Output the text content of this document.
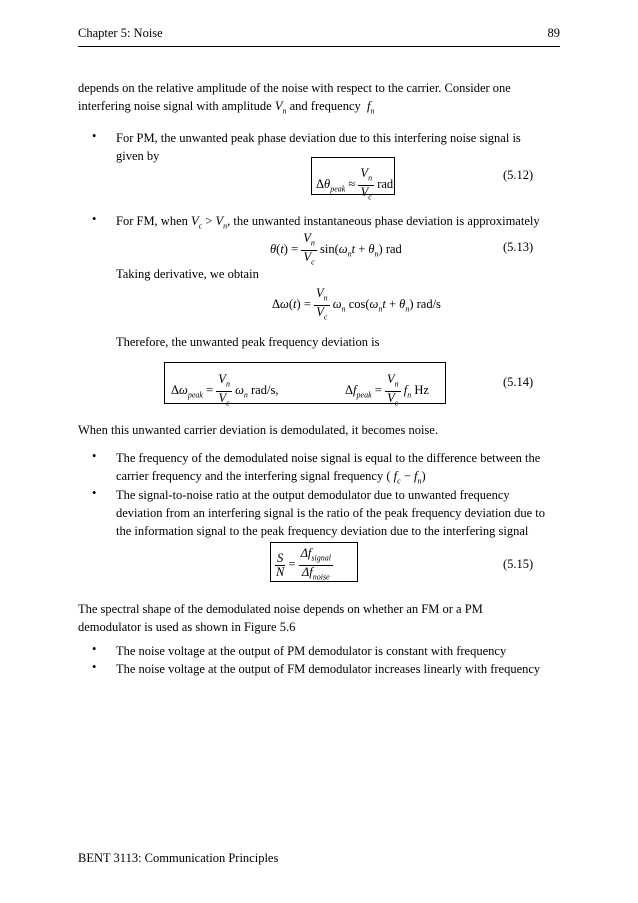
Chapter 5: Noise	89
depends on the relative amplitude of the noise with respect to the carrier. Consider one
interfering noise signal with amplitude $V_n$ and frequency $f_n$
•	For PM, the unwanted peak phase deviation due to this interfering noise signal is
given by
$\Delta\theta_{peak} \approx \frac{V_n}{V_c}$ rad
(5.12)
•	For FM, when $V_c > V_n$, the unwanted instantaneous phase deviation is approximately
$\theta(t) = \frac{V_n}{V_c} \sin(\omega_nt + \theta_n)$ rad	(5.13)
Taking derivative, we obtain
$\Delta\omega(t) = \frac{V_n}{V_c} \omega_n$ $\cos(\omega_nt + \theta_n)$ rad/s
Therefore, the unwanted peak frequency deviation is
$\Delta\omega_{peak} = \frac{V_n}{V_c} \omega_n$ rad/s,	$\Delta f_{peak} = \frac{V_n}{V_c} f_n$ Hz
(5.14)
When this unwanted carrier deviation is demodulated, it becomes noise.
•	The frequency of the demodulated noise signal is equal to the difference between the
carrier frequency and the interfering signal frequency ( $f_c - f_n$)
•	The signal-to-noise ratio at the output demodulator due to unwanted frequency
deviation from an interfering signal is the ratio of the peak frequency deviation due to
the information signal to the peak frequency deviation due to the interfering signal
$\frac{S}{N} = \frac{\Delta f_{signal}}{\Delta f_{noise}}$	(5.15)
The spectral shape of the demodulated noise depends on whether an FM or a PM
demodulator is used as shown in Figure 5.6
•	The noise voltage at the output of PM demodulator is constant with frequency
•	The noise voltage at the output of FM demodulator increases linearly with frequency
BENT 3113: Communication Principles
